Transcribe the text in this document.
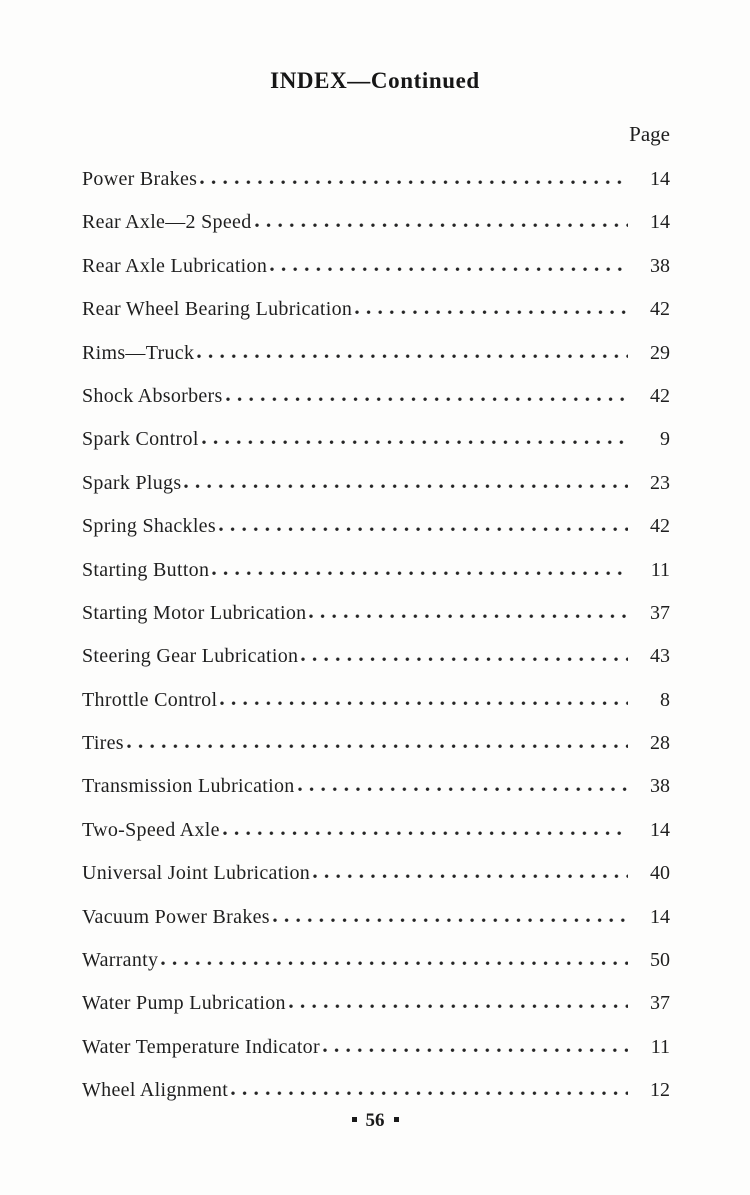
INDEX—Continued
Page
Power Brakes	14
Rear Axle—2 Speed	14
Rear Axle Lubrication	38
Rear Wheel Bearing Lubrication	42
Rims—Truck	29
Shock Absorbers	42
Spark Control	9
Spark Plugs	23
Spring Shackles	42
Starting Button	11
Starting Motor Lubrication	37
Steering Gear Lubrication	43
Throttle Control	8
Tires	28
Transmission Lubrication	38
Two-Speed Axle	14
Universal Joint Lubrication	40
Vacuum Power Brakes	14
Warranty	50
Water Pump Lubrication	37
Water Temperature Indicator	11
Wheel Alignment	12
56
